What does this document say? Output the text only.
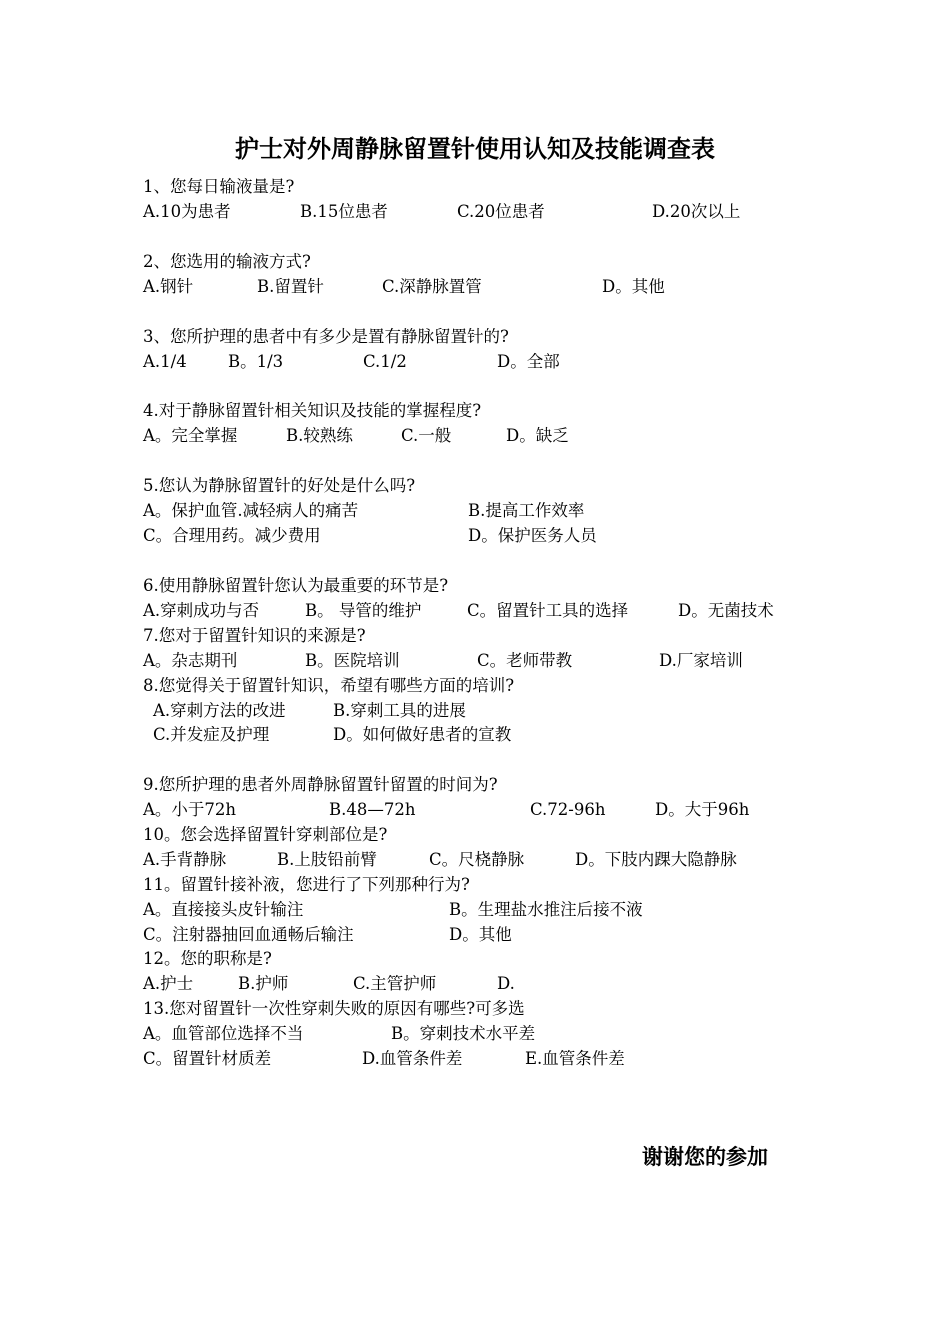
护士对外周静脉留置针使用认知及技能调查表
1、您每日输液量是?
A.10为患者	B.15位患者	C.20位患者	D.20次以上
2、您选用的输液方式?
A.钢针	B.留置针	C.深静脉置管	D。其他
3、您所护理的患者中有多少是置有静脉留置针的?
A.1/4	B。1/3	C.1/2	D。全部
4.对于静脉留置针相关知识及技能的掌握程度?
A。完全掌握	B.较熟练	C.一般	D。缺乏
5.您认为静脉留置针的好处是什么吗?
A。保护血管.减轻病人的痛苦	B.提高工作效率
C。合理用药。减少费用	D。保护医务人员
6.使用静脉留置针您认为最重要的环节是?
A.穿刺成功与否	B。 导管的维护	C。留置针工具的选择	D。无菌技术
7.您对于留置针知识的来源是?
A。杂志期刊	B。医院培训	C。老师带教	D.厂家培训
8.您觉得关于留置针知识，希望有哪些方面的培训?
A.穿刺方法的改进	B.穿刺工具的进展
C.并发症及护理	D。如何做好患者的宣教
9.您所护理的患者外周静脉留置针留置的时间为?
A。小于72h	B.48—72h	C.72-96h	D。大于96h
10。您会选择留置针穿刺部位是?
A.手背静脉	B.上肢铅前臂	C。尺桡静脉	D。下肢内踝大隐静脉
11。留置针接补液，您进行了下列那种行为?
A。直接接头皮针输注	B。生理盐水推注后接不液
C。注射器抽回血通畅后输注	D。其他
12。您的职称是?
A.护士	B.护师	C.主管护师	D.
13.您对留置针一次性穿刺失败的原因有哪些?可多选
A。血管部位选择不当	B。穿刺技术水平差
C。留置针材质差	D.血管条件差	E.血管条件差
谢谢您的参加
